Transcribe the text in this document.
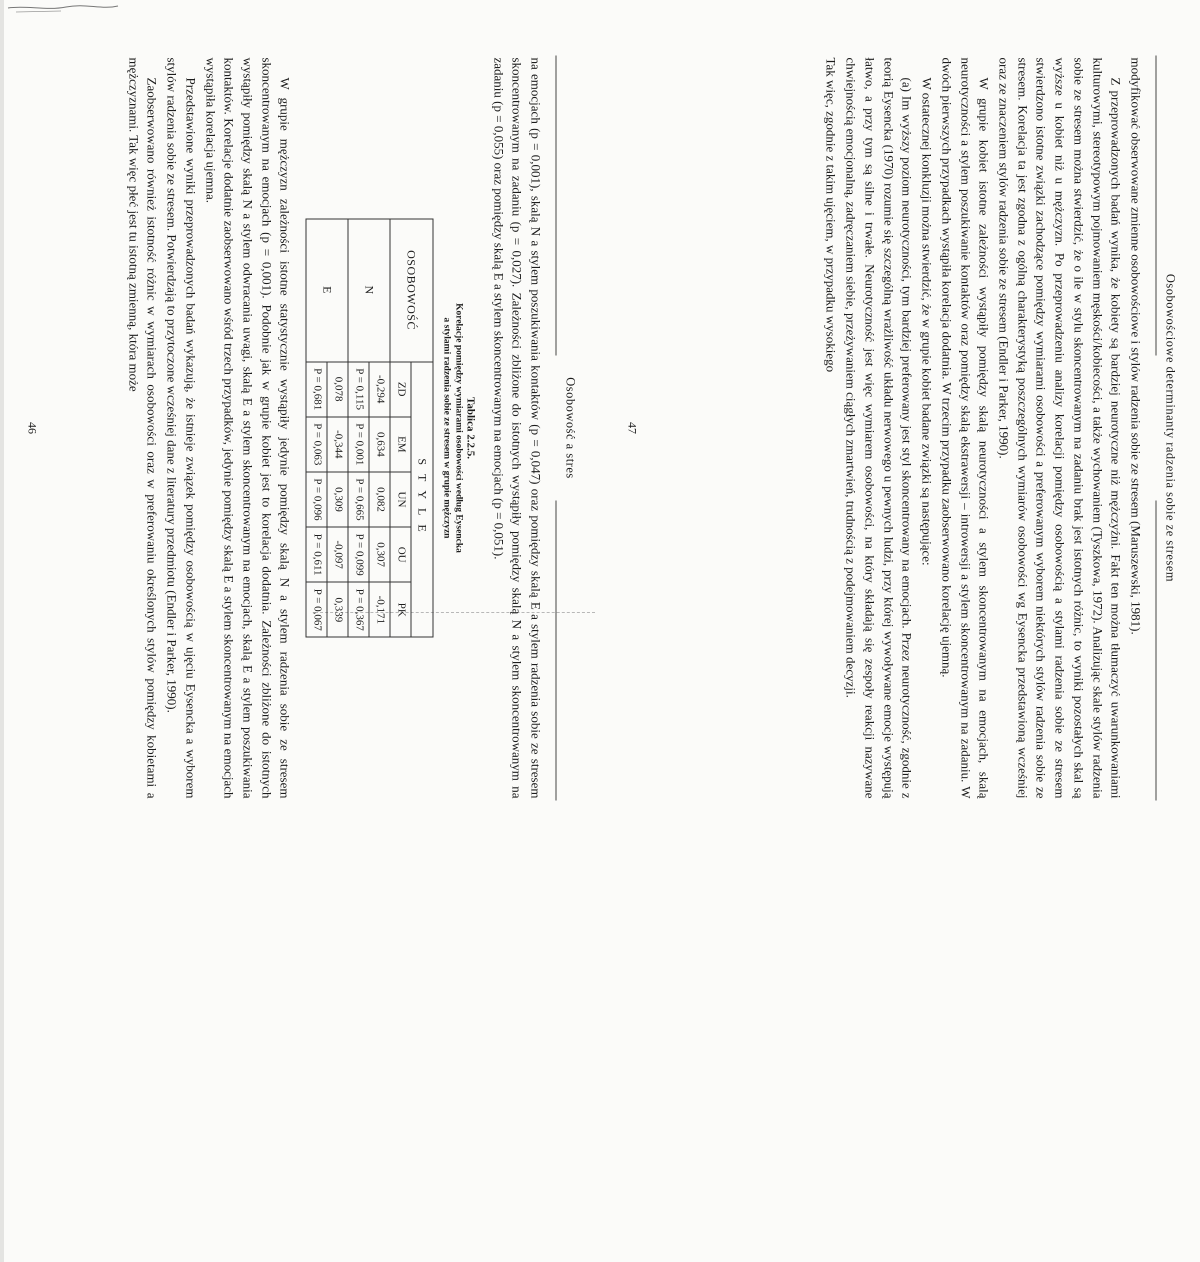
Osobowość a stres

na emocjach (p = 0,001), skalą N a stylem poszukiwania kontaktów (p = 0,047) oraz pomiędzy skalą E a stylem radzenia sobie ze stresem skoncentrowanym na zadaniu (p = 0,027). Zależności zbliżone do istotnych wystąpiły pomiędzy skalą N a stylem skoncentrowanym na zadaniu (p = 0,055) oraz pomiędzy skalą E a stylem skoncentrowanym na emocjach (p = 0,051).

Tablica 2.2.5.
Korelacje pomiędzy wymiarami osobowości według Eysencka
a stylami radzenia sobie ze stresem w grupie mężczyzn
OSOBOWOŚĆ	STYLE				
	ZD	EM	UN	OU	PK
N	-0,294	0,634	0,082	0,307	-0,171
	P = 0,115	P = 0,001	P = 0,665	P = 0,099	P = 0,367
E	0,078	-0,344	0,309	-0,097	0,339
	P = 0,681	P = 0,063	P = 0,096	P = 0,611	P = 0,067

W grupie mężczyzn zależności istotne statystycznie wystąpiły jedynie pomiędzy skalą N a stylem radzenia sobie ze stresem skoncentrowanym na emocjach (p = 0,001). Podobnie jak w grupie kobiet jest to korelacja dodatnia. Zależności zbliżone do istotnych wystąpiły pomiędzy skalą N a stylem odwracania uwagi, skalą E a stylem skoncentrowanym na emocjach, skalą E a stylem poszukiwania kontaktów. Korelacje dodatnie zaobserwowano wśród trzech przypadków, jedynie pomiędzy skalą E a stylem skoncentrowanym na emocjach wystąpiła korelacja ujemna.

Przedstawione wyniki przeprowadzonych badań wykazują, że istnieje związek pomiędzy osobowością w ujęciu Eysencka a wyborem stylów radzenia sobie ze stresem. Potwierdzają to przytoczone wcześniej dane z literatury przedmiotu (Endler i Parker, 1990).

Zaobserwowano również istotność różnic w wymiarach osobowości oraz w preferowaniu określonych stylów pomiędzy kobietami a mężczyznami. Tak więc płeć jest tu istotną zmienną, która może

46	Osobowościowe determinanty radzenia sobie ze stresem

modyfikować obserwowane zmienne osobowościowe i stylów radzenia sobie ze stresem (Maruszewski, 1981).

Z przeprowadzonych badań wynika, że kobiety są bardziej neurotyczne niż mężczyźni. Fakt ten można tłumaczyć uwarunkowaniami kulturowymi, stereotypowym pojmowaniem męskości/kobiecości, a także wychowaniem (Tyszkowa, 1972). Analizując skale stylów radzenia sobie ze stresem można stwierdzić, że o ile w stylu skoncentrowanym na zadaniu brak jest istotnych różnic, to wyniki pozostałych skal są wyższe u kobiet niż u mężczyzn. Po przeprowadzeniu analizy korelacji pomiędzy osobowością a stylami radzenia sobie ze stresem stwierdzono istotne związki zachodzące pomiędzy wymiarami osobowości a preferowanym wyborem niektórych stylów radzenia sobie ze stresem. Korelacja ta jest zgodna z ogólną charakterystyką poszczególnych wymiarów osobowości wg Eysencka przedstawioną wcześniej oraz ze znaczeniem stylów radzenia sobie ze stresem (Endler i Parker, 1990).

W grupie kobiet istotne zależności wystąpiły pomiędzy skalą neurotyczności a stylem skoncentrowanym na emocjach, skalą neurotyczności a stylem poszukiwanie kontaktów oraz pomiędzy skalą ekstrawersji – introwersji a stylem skoncentrowanym na zadaniu. W dwóch pierwszych przypadkach wystąpiła korelacja dodatnia. W trzecim przypadku zaobserwowano korelację ujemną.

W ostatecznej konkluzji można stwierdzić, że w grupie kobiet badane związki są następujące:

(a) Im wyższy poziom neurotyczności, tym bardziej preferowany jest styl skoncentrowany na emocjach. Przez neurotyczność, zgodnie z teorią Eysencka (1970) rozumie się szczególną wrażliwość układu nerwowego u pewnych ludzi, przy której wywoływane emocje występują łatwo, a przy tym są silne i trwałe. Neurotyczność jest więc wymiarem osobowości, na który składają się zespoły reakcji nazywane chwiejnością emocjonalną, zadręczaniem siebie, przeżywaniem ciągłych zmartwień, trudnością z podejmowaniem decyzji.

Tak więc, zgodnie z takim ujęciem, w przypadku wysokiego

47
